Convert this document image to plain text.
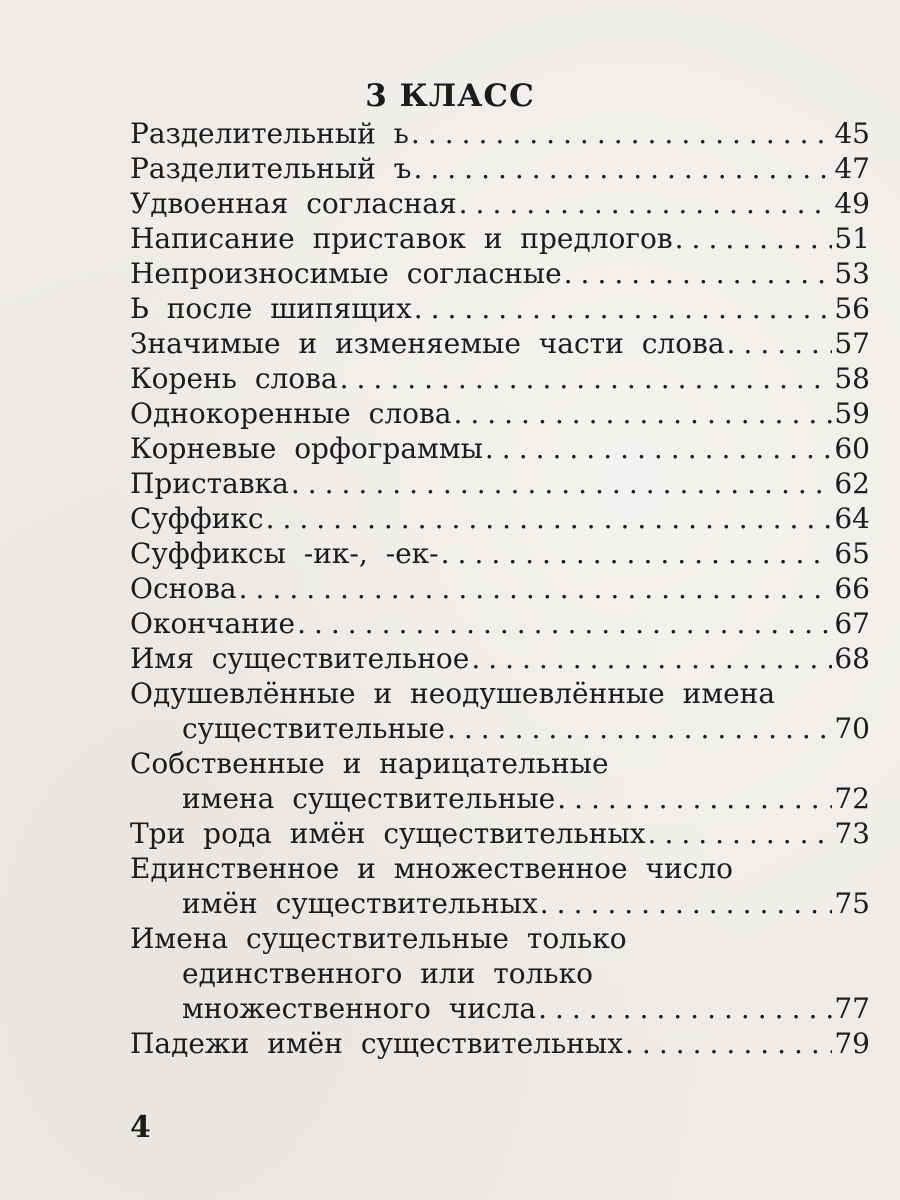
3 КЛАСС
Разделительный ь .....	45
Разделительный ъ .....	47
Удвоенная согласная .....	49
Написание приставок и предлогов .....	51
Непроизносимые согласные .....	53
Ь после шипящих .....	56
Значимые и изменяемые части слова .....	57
Корень слова .....	58
Однокоренные слова .....	59
Корневые орфограммы .....	60
Приставка .....	62
Суффикс .....	64
Суффиксы -ик-, -ек- .....	65
Основа .....	66
Окончание .....	67
Имя существительное .....	68
Одушевлённые и неодушевлённые имена
существительные .....	70
Собственные и нарицательные
имена существительные .....	72
Три рода имён существительных .....	73
Единственное и множественное число
имён существительных .....	75
Имена существительные только
единственного или только
множественного числа .....	77
Падежи имён существительных .....	79
4
